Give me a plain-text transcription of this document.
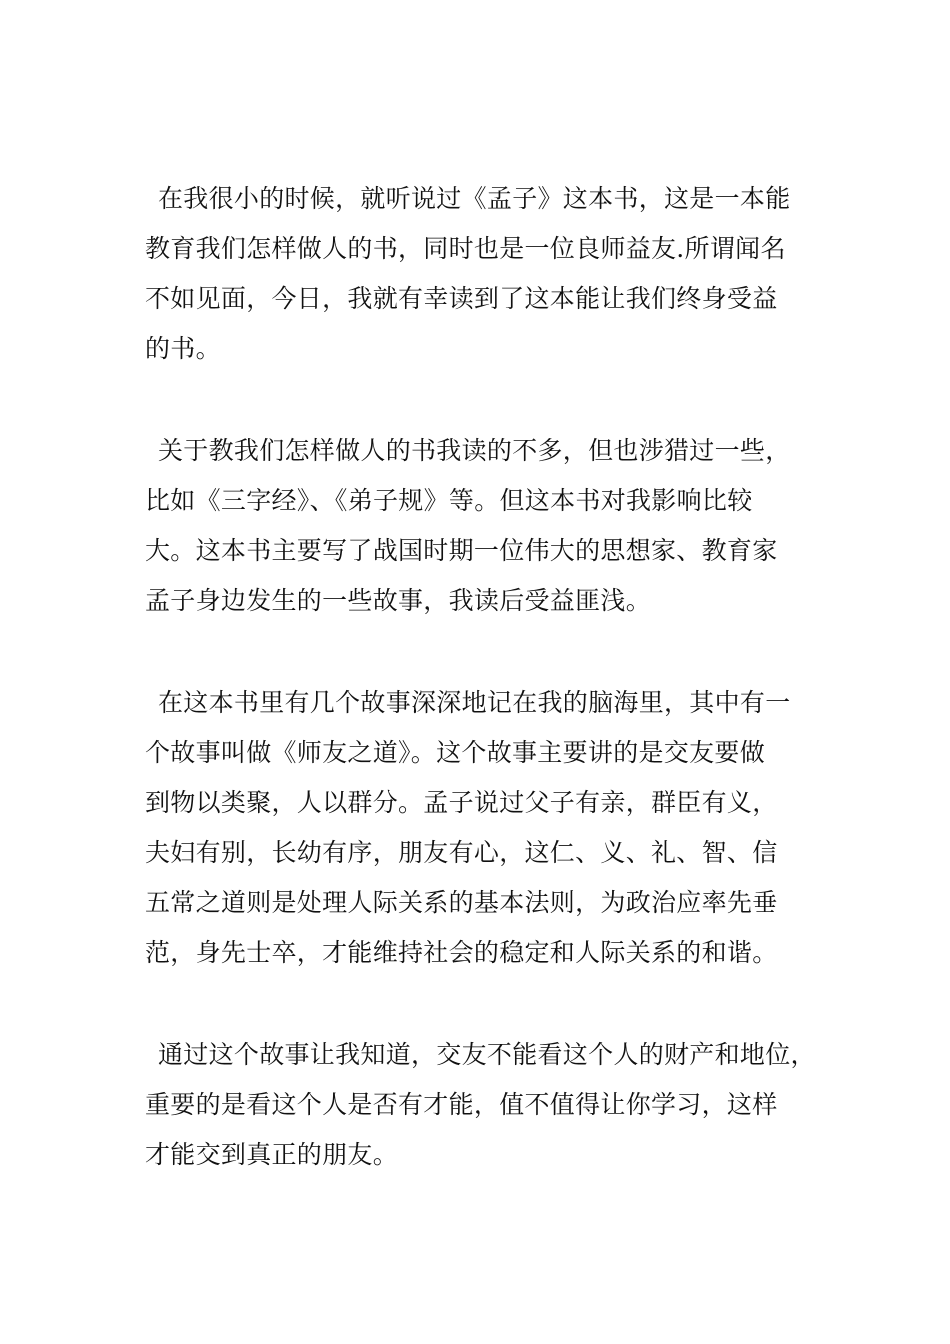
在我很小的时候，就听说过《孟子》这本书，这是一本能
教育我们怎样做人的书，同时也是一位良师益友.所谓闻名
不如见面，今日，我就有幸读到了这本能让我们终身受益
的书。
关于教我们怎样做人的书我读的不多，但也涉猎过一些，
比如《三字经》、《弟子规》等。但这本书对我影响比较
大。这本书主要写了战国时期一位伟大的思想家、教育家
孟子身边发生的一些故事，我读后受益匪浅。
在这本书里有几个故事深深地记在我的脑海里，其中有一
个故事叫做《师友之道》。这个故事主要讲的是交友要做
到物以类聚，人以群分。孟子说过父子有亲，群臣有义，
夫妇有别，长幼有序，朋友有心，这仁、义、礼、智、信
五常之道则是处理人际关系的基本法则，为政治应率先垂
范，身先士卒，才能维持社会的稳定和人际关系的和谐。
通过这个故事让我知道，交友不能看这个人的财产和地位，
重要的是看这个人是否有才能，值不值得让你学习，这样
才能交到真正的朋友。
